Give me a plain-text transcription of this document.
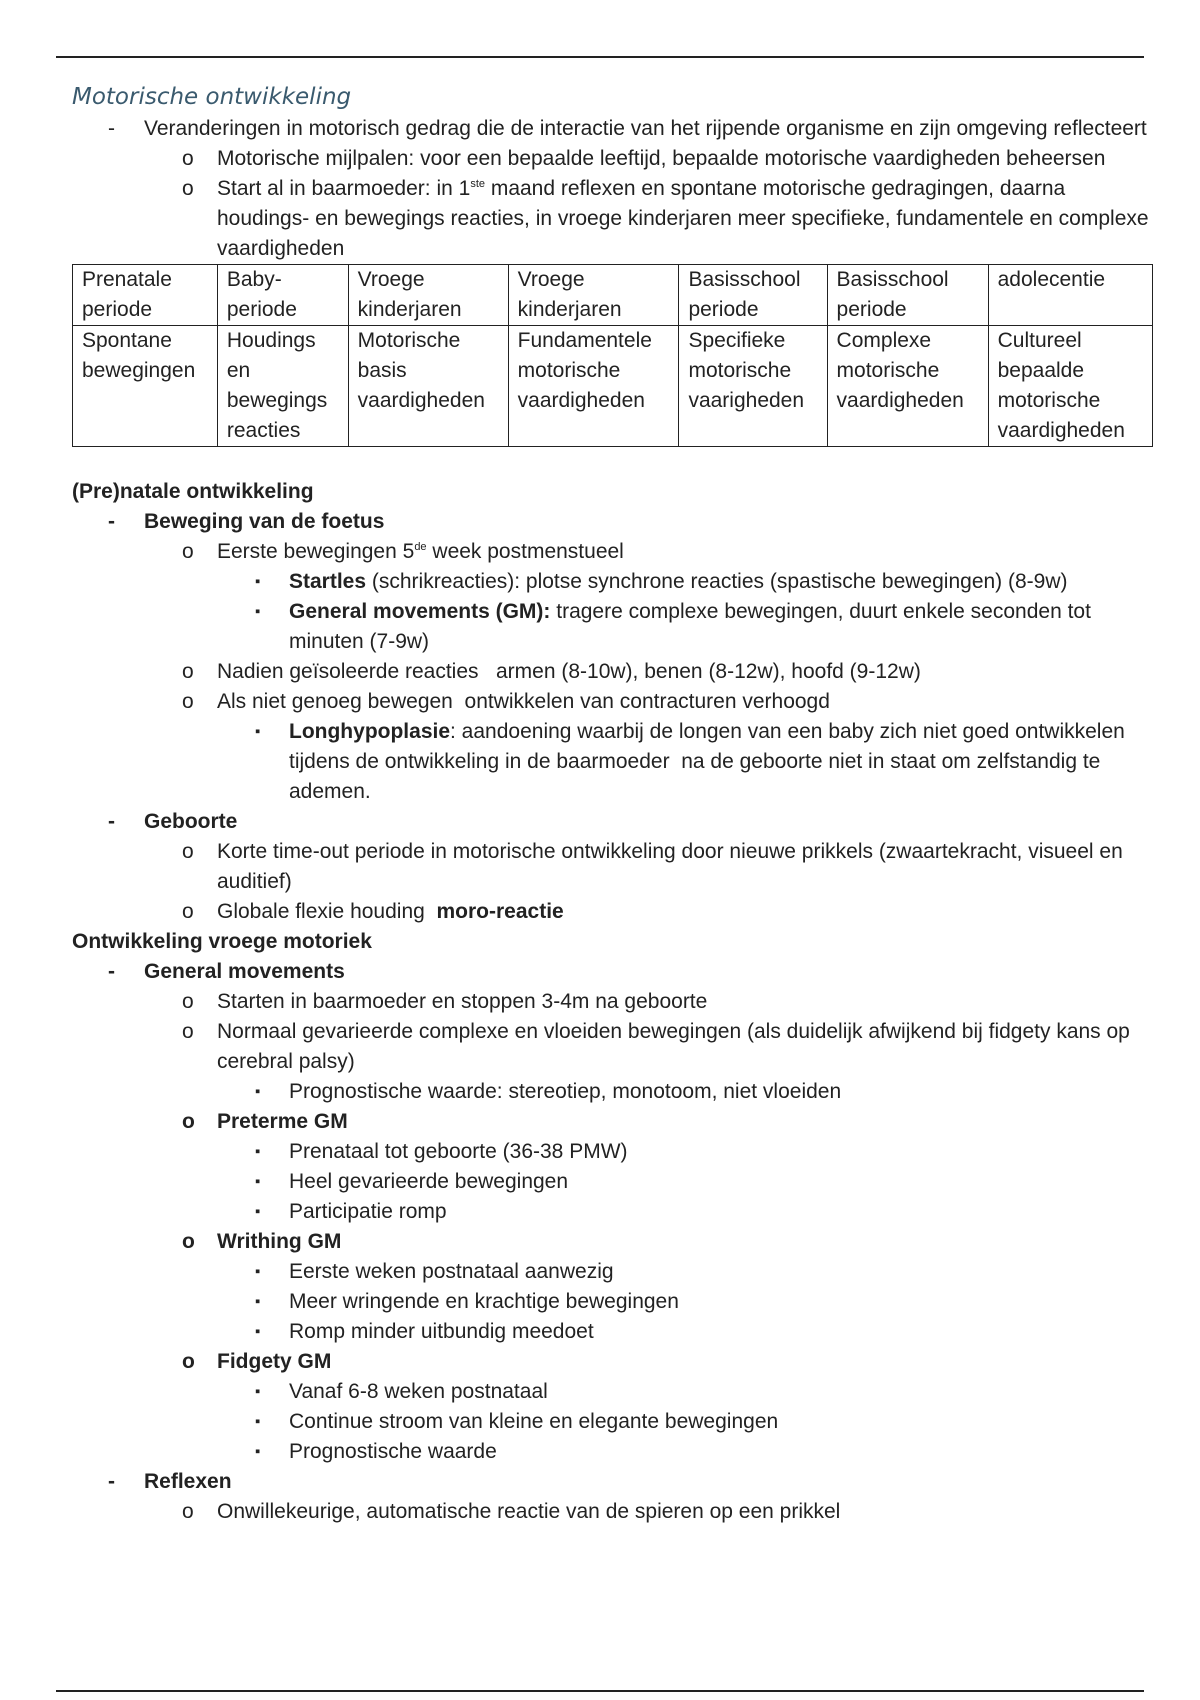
Motorische ontwikkeling
- Veranderingen in motorisch gedrag die de interactie van het rijpende organisme en zijn omgeving reflecteert
o Motorische mijlpalen: voor een bepaalde leeftijd, bepaalde motorische vaardigheden beheersen
o Start al in baarmoeder: in 1ste maand reflexen en spontane motorische gedragingen, daarna houdings- en bewegings reacties, in vroege kinderjaren meer specifieke, fundamentele en complexe vaardigheden
Prenatale periode	Baby-periode	Vroege kinderjaren	Vroege kinderjaren	Basisschool periode	Basisschool periode	adolecentie
Spontane bewegingen	Houdings en bewegings reacties	Motorische basis vaardigheden	Fundamentele motorische vaardigheden	Specifieke motorische vaarigheden	Complexe motorische vaardigheden	Cultureel bepaalde motorische vaardigheden
(Pre)natale ontwikkeling
- Beweging van de foetus
o Eerste bewegingen 5de week postmenstueel
▪ Startles (schrikreacties): plotse synchrone reacties (spastische bewegingen) (8-9w)
▪ General movements (GM): tragere complexe bewegingen, duurt enkele seconden tot minuten (7-9w)
o Nadien geïsoleerde reacties   armen (8-10w), benen (8-12w), hoofd (9-12w)
o Als niet genoeg bewegen  ontwikkelen van contracturen verhoogd
▪ Longhypoplasie: aandoening waarbij de longen van een baby zich niet goed ontwikkelen tijdens de ontwikkeling in de baarmoeder  na de geboorte niet in staat om zelfstandig te ademen.
- Geboorte
o Korte time-out periode in motorische ontwikkeling door nieuwe prikkels (zwaartekracht, visueel en auditief)
o Globale flexie houding  moro-reactie
Ontwikkeling vroege motoriek
- General movements
o Starten in baarmoeder en stoppen 3-4m na geboorte
o Normaal gevarieerde complexe en vloeiden bewegingen (als duidelijk afwijkend bij fidgety kans op cerebral palsy)
▪ Prognostische waarde: stereotiep, monotoom, niet vloeiden
o Preterme GM
▪ Prenataal tot geboorte (36-38 PMW)
▪ Heel gevarieerde bewegingen
▪ Participatie romp
o Writhing GM
▪ Eerste weken postnataal aanwezig
▪ Meer wringende en krachtige bewegingen
▪ Romp minder uitbundig meedoet
o Fidgety GM
▪ Vanaf 6-8 weken postnataal
▪ Continue stroom van kleine en elegante bewegingen
▪ Prognostische waarde
- Reflexen
o Onwillekeurige, automatische reactie van de spieren op een prikkel
